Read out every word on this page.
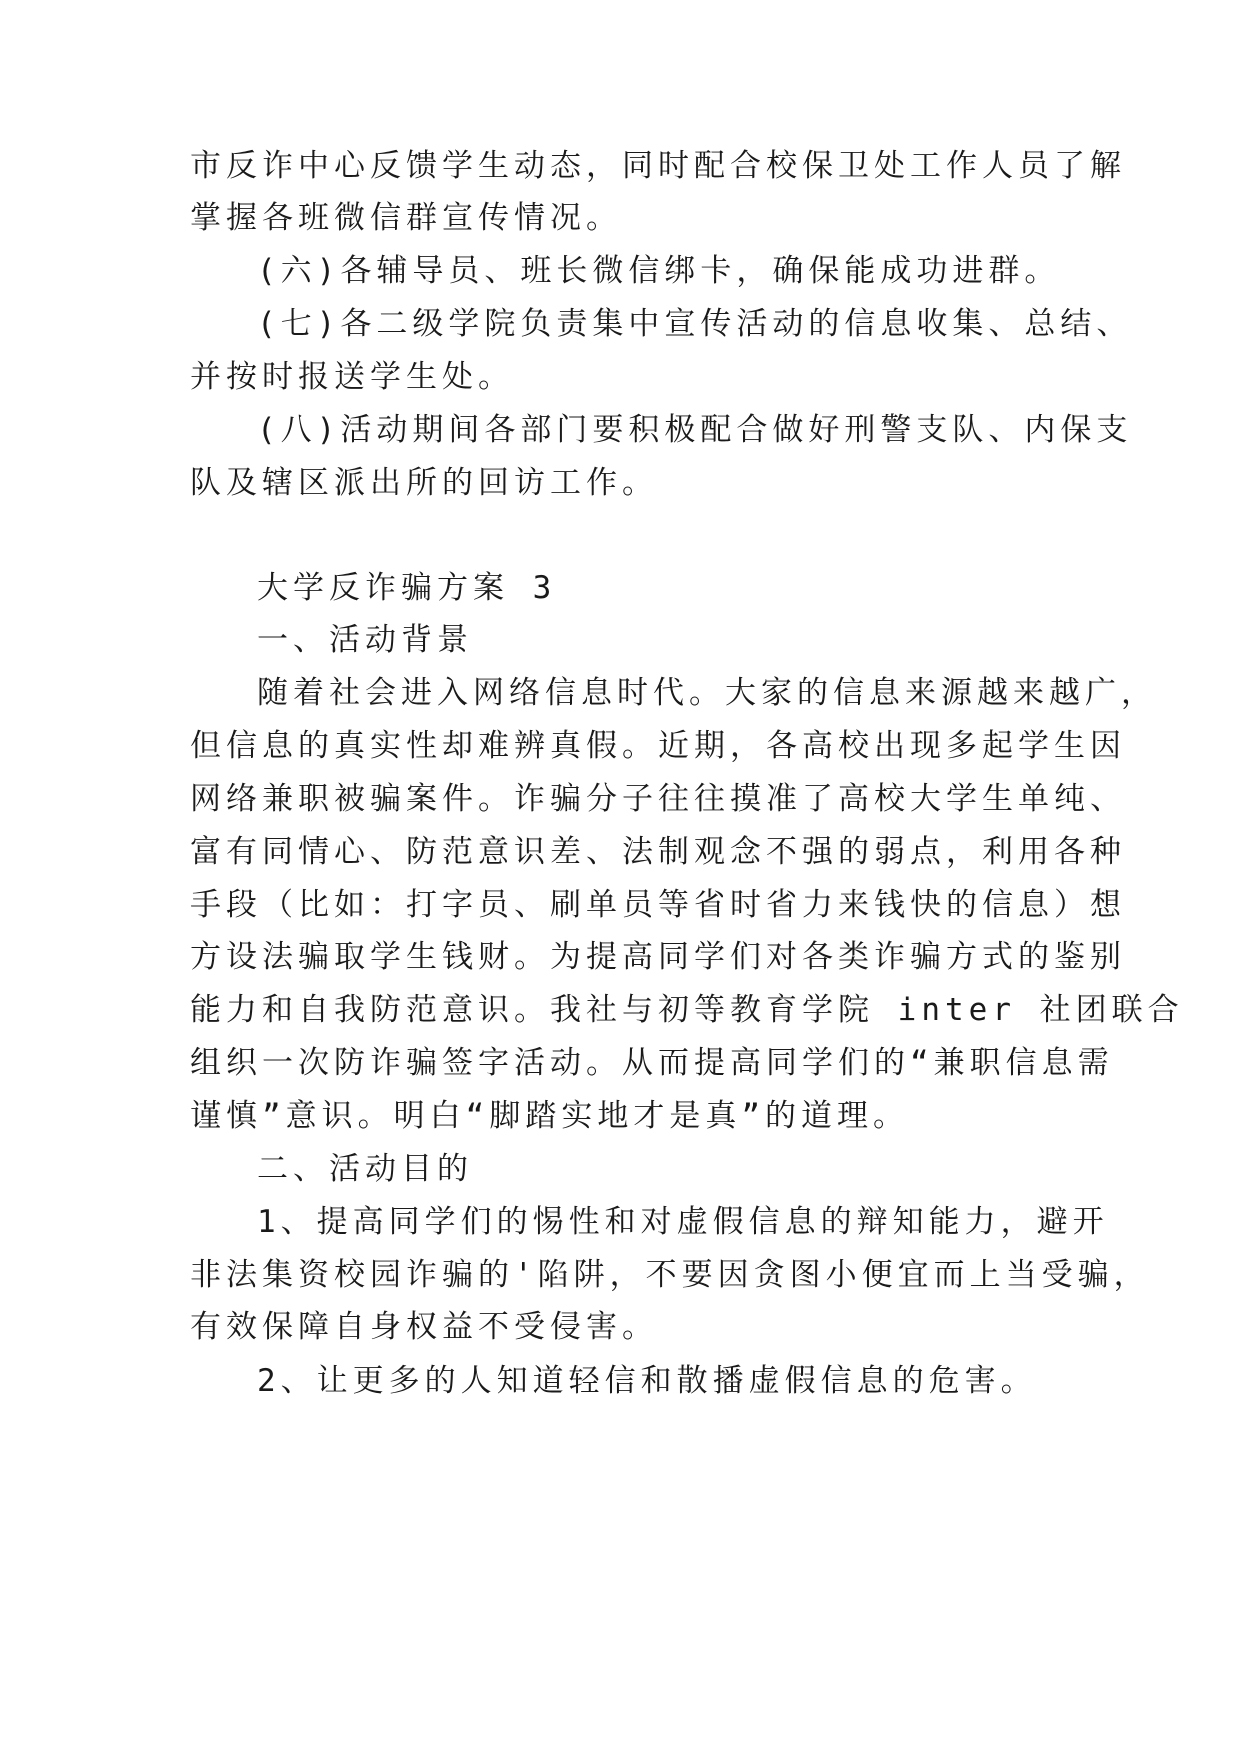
市反诈中心反馈学生动态，同时配合校保卫处工作人员了解
掌握各班微信群宣传情况。
(六)各辅导员、班长微信绑卡，确保能成功进群。
(七)各二级学院负责集中宣传活动的信息收集、总结、
并按时报送学生处。
(八)活动期间各部门要积极配合做好刑警支队、内保支
队及辖区派出所的回访工作。
大学反诈骗方案 3
一、活动背景
随着社会进入网络信息时代。大家的信息来源越来越广，
但信息的真实性却难辨真假。近期，各高校出现多起学生因
网络兼职被骗案件。诈骗分子往往摸准了高校大学生单纯、
富有同情心、防范意识差、法制观念不强的弱点，利用各种
手段（比如：打字员、刷单员等省时省力来钱快的信息）想
方设法骗取学生钱财。为提高同学们对各类诈骗方式的鉴别
能力和自我防范意识。我社与初等教育学院 inter 社团联合
组织一次防诈骗签字活动。从而提高同学们的“兼职信息需
谨慎”意识。明白“脚踏实地才是真”的道理。
二、活动目的
1、提高同学们的惕性和对虚假信息的辩知能力，避开
非法集资校园诈骗的'陷阱，不要因贪图小便宜而上当受骗，
有效保障自身权益不受侵害。
2、让更多的人知道轻信和散播虚假信息的危害。
